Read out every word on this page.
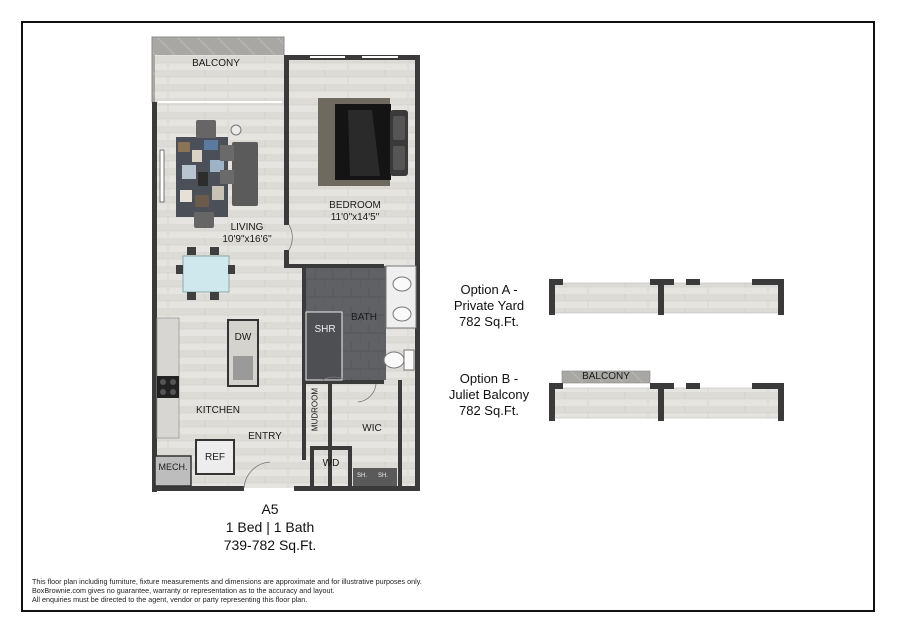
BALCONY
BEDROOM
11'0"x14'5"
LIVING
10'9"x16'6"
BATH
SHR
DW
KITCHEN
ENTRY
MUDROOM	WIC
WD
REF
MECH.
SH. SH.
A5
1 Bed | 1 Bath
739-782 Sq.Ft.
Option A -
Private Yard
782 Sq.Ft.
Option B -
Juliet Balcony
782 Sq.Ft.
BALCONY
This floor plan including furniture, fixture measurements and dimensions are approximate and for illustrative purposes only.
BoxBrownie.com gives no guarantee, warranty or representation as to the accuracy and layout.
All enquiries must be directed to the agent, vendor or party representing this floor plan.
